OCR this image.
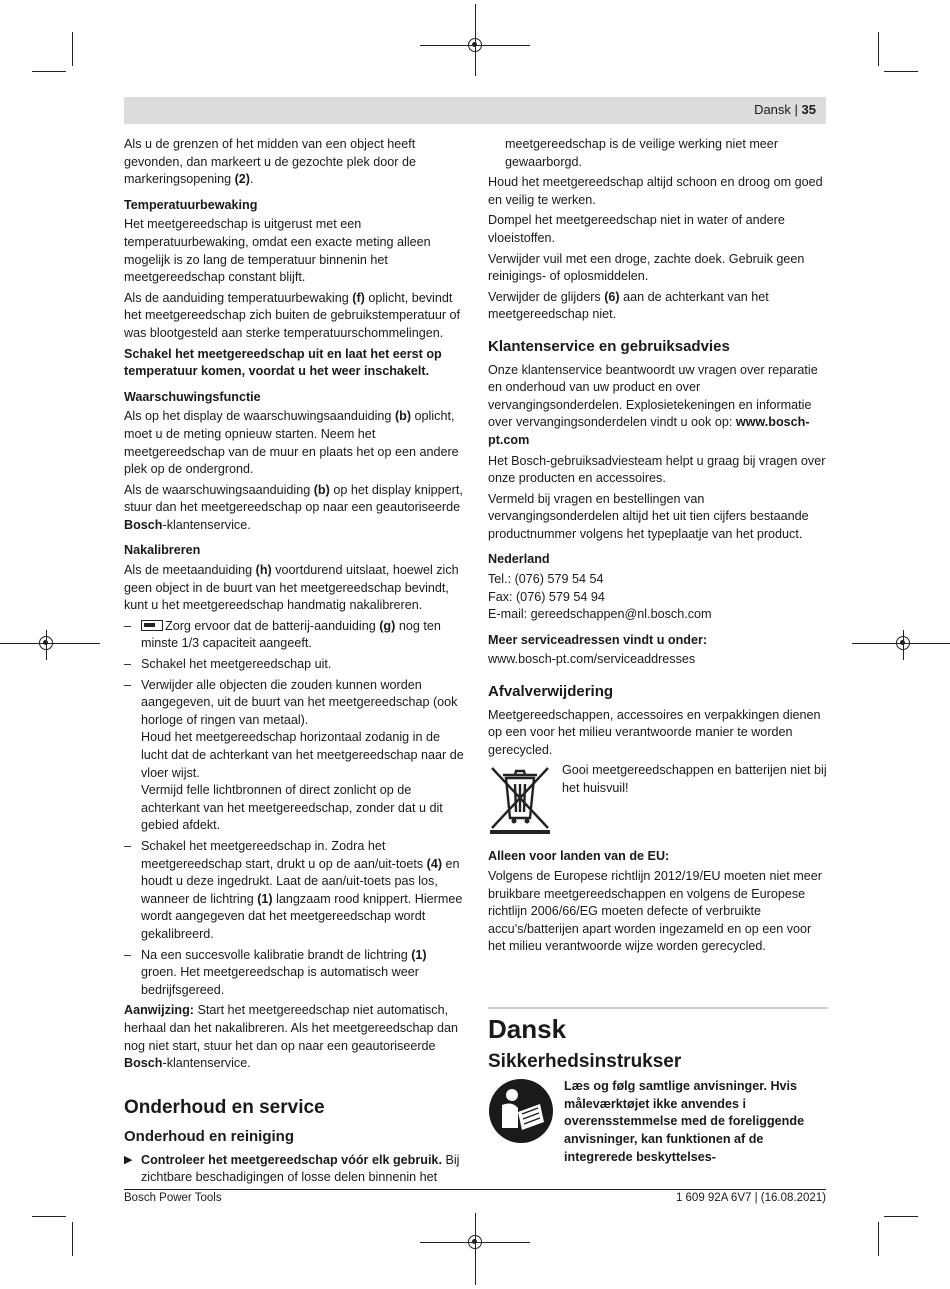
Dansk | 35

Als u de grenzen of het midden van een object heeft gevonden, dan markeert u de gezochte plek door de markeringsopening (2).

Temperatuurbewaking

Het meetgereedschap is uitgerust met een temperatuurbewaking, omdat een exacte meting alleen mogelijk is zo lang de temperatuur binnenin het meetgereedschap constant blijft.

Als de aanduiding temperatuurbewaking (f) oplicht, bevindt het meetgereedschap zich buiten de gebruikstemperatuur of was blootgesteld aan sterke temperatuurschommelingen.

Schakel het meetgereedschap uit en laat het eerst op temperatuur komen, voordat u het weer inschakelt.

Waarschuwingsfunctie

Als op het display de waarschuwingsaanduiding (b) oplicht, moet u de meting opnieuw starten. Neem het meetgereedschap van de muur en plaats het op een andere plek op de ondergrond.

Als de waarschuwingsaanduiding (b) op het display knippert, stuur dan het meetgereedschap op naar een geautoriseerde Bosch-klantenservice.

Nakalibreren

Als de meetaanduiding (h) voortdurend uitslaat, hoewel zich geen object in de buurt van het meetgereedschap bevindt, kunt u het meetgereedschap handmatig nakalibreren.

–	Zorg ervoor dat de batterij-aanduiding (g) nog ten minste 1/3 capaciteit aangeeft.
– Schakel het meetgereedschap uit.
– Verwijder alle objecten die zouden kunnen worden aangegeven, uit de buurt van het meetgereedschap (ook horloge of ringen van metaal).
Houd het meetgereedschap horizontaal zodanig in de lucht dat de achterkant van het meetgereedschap naar de vloer wijst.
Vermijd felle lichtbronnen of direct zonlicht op de achterkant van het meetgereedschap, zonder dat u dit gebied afdekt.
– Schakel het meetgereedschap in. Zodra het meetgereedschap start, drukt u op de aan/uit-toets (4) en houdt u deze ingedrukt. Laat de aan/uit-toets pas los, wanneer de lichtring (1) langzaam rood knippert. Hiermee wordt aangegeven dat het meetgereedschap wordt gekalibreerd.
– Na een succesvolle kalibratie brandt de lichtring (1) groen. Het meetgereedschap is automatisch weer bedrijfsgereed.

Aanwijzing: Start het meetgereedschap niet automatisch, herhaal dan het nakalibreren. Als het meetgereedschap dan nog niet start, stuur het dan op naar een geautoriseerde Bosch-klantenservice.

Onderhoud en service
Onderhoud en reiniging
▶ Controleer het meetgereedschap vóór elk gebruik. Bij zichtbare beschadigingen of losse delen binnenin het

meetgereedschap is de veilige werking niet meer gewaarborgd.

Houd het meetgereedschap altijd schoon en droog om goed en veilig te werken.

Dompel het meetgereedschap niet in water of andere vloeistoffen.

Verwijder vuil met een droge, zachte doek. Gebruik geen reinigings- of oplosmiddelen.

Verwijder de glijders (6) aan de achterkant van het meetgereedschap niet.

Klantenservice en gebruiksadvies

Onze klantenservice beantwoordt uw vragen over reparatie en onderhoud van uw product en over vervangingsonderdelen. Explosietekeningen en informatie over vervangingsonderdelen vindt u ook op: www.bosch-pt.com

Het Bosch-gebruiksadviesteam helpt u graag bij vragen over onze producten en accessoires.

Vermeld bij vragen en bestellingen van vervangingsonderdelen altijd het uit tien cijfers bestaande productnummer volgens het typeplaatje van het product.

Nederland
Tel.: (076) 579 54 54
Fax: (076) 579 54 94
E-mail: gereedschappen@nl.bosch.com
Meer serviceadressen vindt u onder:
www.bosch-pt.com/serviceaddresses
Afvalverwijdering

Meetgereedschappen, accessoires en verpakkingen dienen op een voor het milieu verantwoorde manier te worden gerecycled.

Gooi meetgereedschappen en batterijen niet bij het huisvuil!
Alleen voor landen van de EU:

Volgens de Europese richtlijn 2012/19/EU moeten niet meer bruikbare meetgereedschappen en volgens de Europese richtlijn 2006/66/EG moeten defecte of verbruikte accu’s/batterijen apart worden ingezameld en op een voor het milieu verantwoorde wijze worden gerecycled.

Dansk
Sikkerhedsinstrukser
Læs og følg samtlige anvisninger. Hvis måleværktøjet ikke anvendes i overensstemmelse med de foreliggende anvisninger, kan funktionen af de integrerede beskyttelses-
Bosch Power Tools	1 609 92A 6V7 | (16.08.2021)
